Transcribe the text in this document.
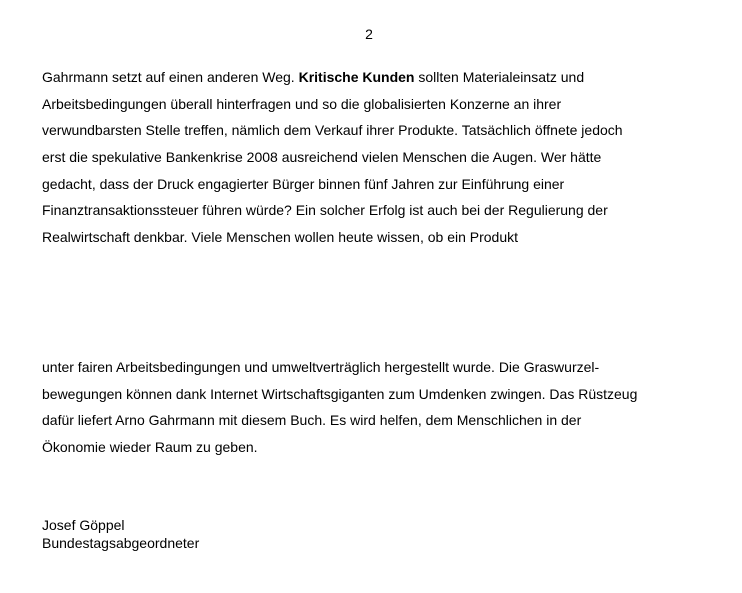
2
Gahrmann setzt auf einen anderen Weg. Kritische Kunden sollten Materialeinsatz und
Arbeitsbedingungen überall hinterfragen und so die globalisierten Konzerne an ihrer
verwundbarsten Stelle treffen, nämlich dem Verkauf ihrer Produkte. Tatsächlich öffnete jedoch
erst die spekulative Bankenkrise 2008 ausreichend vielen Menschen die Augen. Wer hätte
gedacht, dass der Druck engagierter Bürger binnen fünf Jahren zur Einführung einer
Finanztransaktionssteuer führen würde? Ein solcher Erfolg ist auch bei der Regulierung der
Realwirtschaft denkbar. Viele Menschen wollen heute wissen, ob ein Produkt
unter fairen Arbeitsbedingungen und umweltverträglich hergestellt wurde. Die Graswurzel-
bewegungen können dank Internet Wirtschaftsgiganten zum Umdenken zwingen. Das Rüstzeug
dafür liefert Arno Gahrmann mit diesem Buch. Es wird helfen, dem Menschlichen in der
Ökonomie wieder Raum zu geben.
Josef Göppel
Bundestagsabgeordneter
